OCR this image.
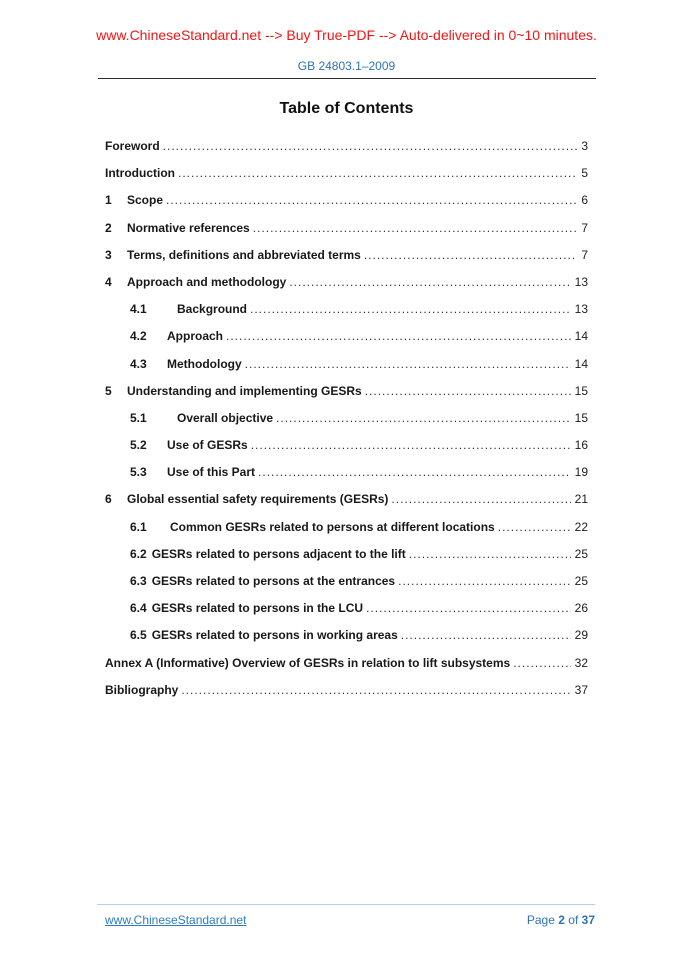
www.ChineseStandard.net --> Buy True-PDF --> Auto-delivered in 0~10 minutes.
GB 24803.1–2009
Table of Contents
Foreword .....	3
Introduction .....	5
1	Scope .....	6
2	Normative references .....	7
3	Terms, definitions and abbreviated terms .....	7
4	Approach and methodology .....	13
4.1	Background .....	13
4.2	Approach .....	14
4.3	Methodology .....	14
5	Understanding and implementing GESRs .....	15
5.1	Overall objective .....	15
5.2	Use of GESRs .....	16
5.3	Use of this Part .....	19
6	Global essential safety requirements (GESRs) .....	21
6.1	Common GESRs related to persons at different locations .....	22
6.2 GESRs related to persons adjacent to the lift .....	25
6.3 GESRs related to persons at the entrances .....	25
6.4 GESRs related to persons in the LCU .....	26
6.5 GESRs related to persons in working areas .....	29
Annex A (Informative) Overview of GESRs in relation to lift subsystems .....	32
Bibliography .....	37
www.ChineseStandard.net	Page 2 of 37
